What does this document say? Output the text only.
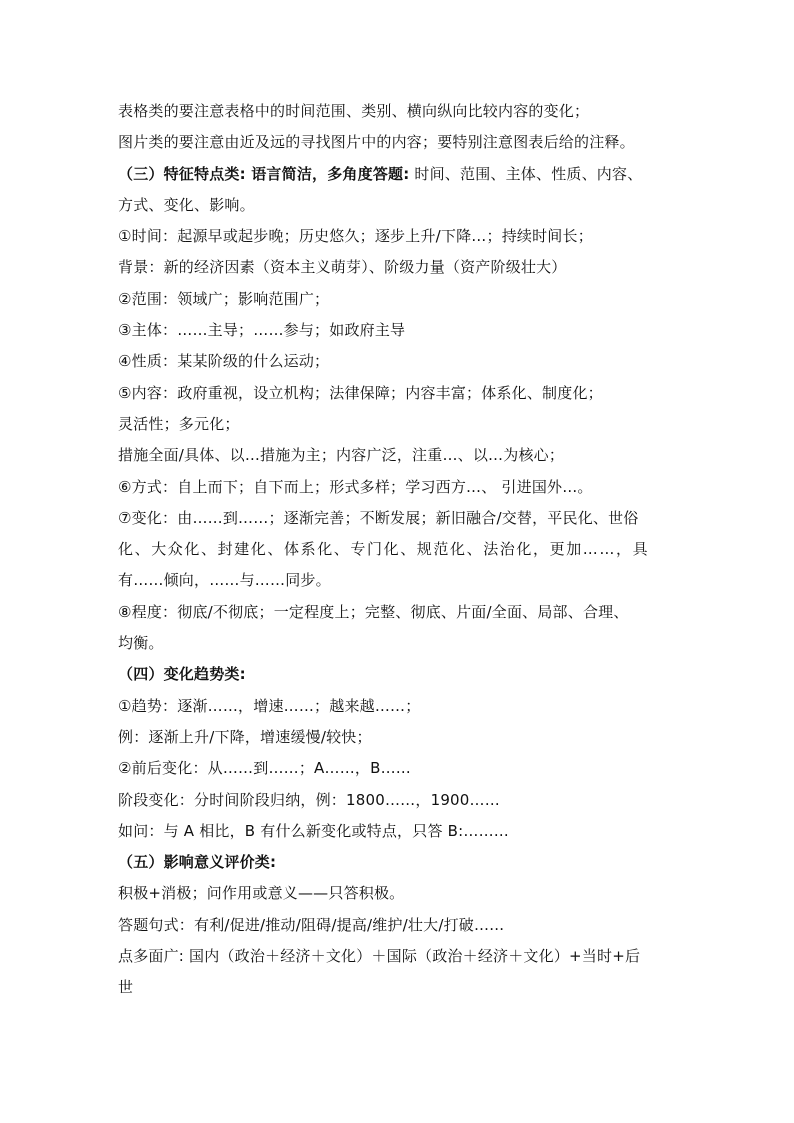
表格类的要注意表格中的时间范围、类别、横向纵向比较内容的变化；
图片类的要注意由近及远的寻找图片中的内容；要特别注意图表后给的注释。
（三）特征特点类: 语言简洁，多角度答题: 时间、范围、主体、性质、内容、
方式、变化、影响。
①时间：起源早或起步晚；历史悠久；逐步上升/下降…；持续时间长；
背景：新的经济因素（资本主义萌芽）、阶级力量（资产阶级壮大）
②范围：领域广；影响范围广；
③主体：……主导；……参与；如政府主导
④性质：某某阶级的什么运动；
⑤内容：政府重视，设立机构；法律保障；内容丰富；体系化、制度化；
灵活性；多元化；
措施全面/具体、以…措施为主；内容广泛，注重…、以…为核心；
⑥方式：自上而下；自下而上；形式多样；学习西方…、 引进国外…。
⑦变化：由……到……；逐渐完善；不断发展；新旧融合/交替，平民化、世俗
化、大众化、封建化、体系化、专门化、规范化、法治化，更加……，具
有……倾向，……与……同步。
⑧程度：彻底/不彻底；一定程度上；完整、彻底、片面/全面、局部、合理、
均衡。
（四）变化趋势类:
①趋势：逐渐……，增速……；越来越……；
例：逐渐上升/下降，增速缓慢/较快；
②前后变化：从……到……；A……，B……
阶段变化：分时间阶段归纳，例：1800……，1900……
如问：与 A 相比，B 有什么新变化或特点，只答 B:………
（五）影响意义评价类:
积极+消极；问作用或意义——只答积极。
答题句式：有利/促进/推动/阻碍/提高/维护/壮大/打破……
点多面广: 国内（政治＋经济＋文化）＋国际（政治＋经济＋文化）+当时+后
世
